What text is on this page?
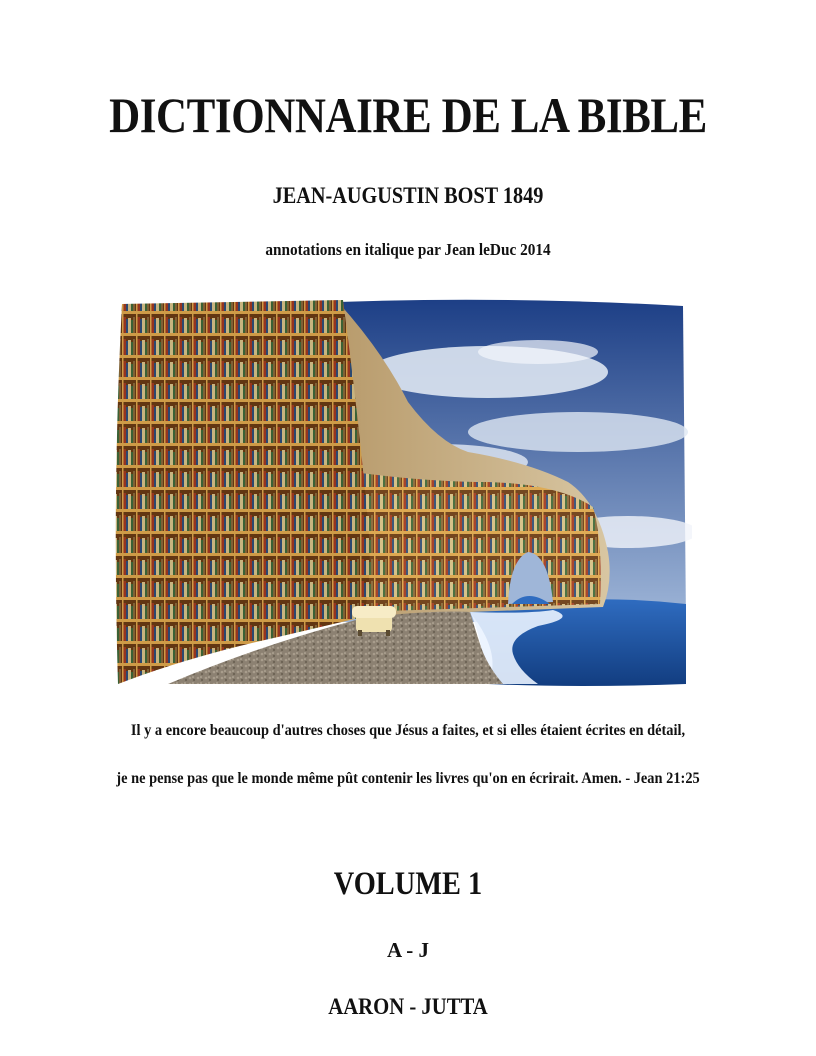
DICTIONNAIRE DE LA BIBLE
JEAN-AUGUSTIN BOST 1849
annotations en italique par Jean leDuc 2014
Il y a encore beaucoup d'autres choses que Jésus a faites, et si elles étaient écrites en détail,
je ne pense pas que le monde même pût contenir les livres qu'on en écrirait. Amen. - Jean 21:25
VOLUME 1
A - J
AARON - JUTTA
